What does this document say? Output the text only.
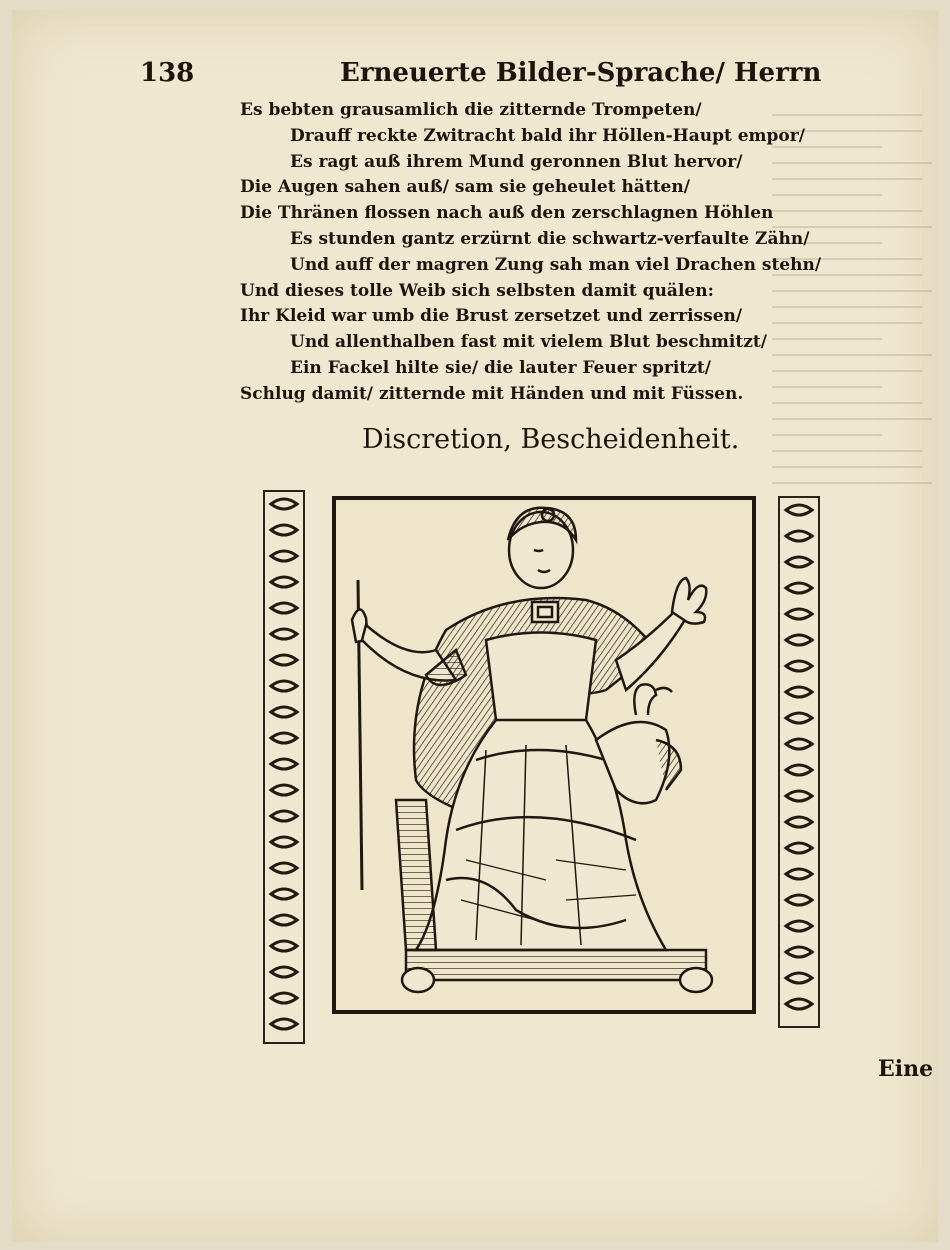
138	Erneuerte Bilder-Sprache/ Herrn
Es bebten grausamlich die zitternde Trompeten/
Drauff reckte Zwitracht bald ihr Höllen-Haupt empor/
Es ragt auß ihrem Mund geronnen Blut hervor/
Die Augen sahen auß/ sam sie geheulet hätten/
Die Thränen flossen nach auß den zerschlagnen Höhlen
Es stunden gantz erzürnt die schwartz-verfaulte Zähn/
Und auff der magren Zung sah man viel Drachen stehn/
Und dieses tolle Weib sich selbsten damit quälen:
Ihr Kleid war umb die Brust zersetzet und zerrissen/
Und allenthalben fast mit vielem Blut beschmitzt/
Ein Fackel hilte sie/ die lauter Feuer spritzt/
Schlug damit/ zitternde mit Händen und mit Füssen.
Discretion, Bescheidenheit.
Eine
